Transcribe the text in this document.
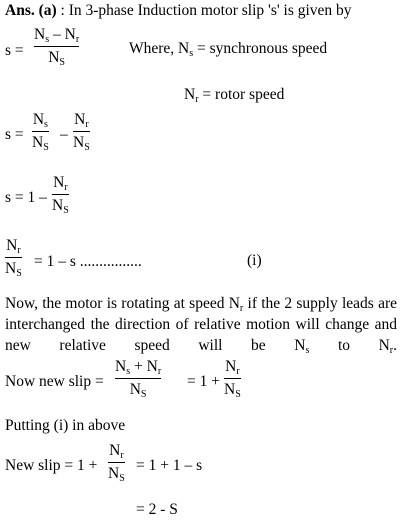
Ans. (a) : In 3-phase Induction motor slip 's' is given by
s =
$N_s - N_r$
$N_S$
Where, $N_s$ = synchronous speed
$N_r$ = rotor speed
s =
$N_s$
$N_S$
–
$N_r$
$N_S$
s = 1 –
$N_r$
$N_S$
$N_r$
$N_S$
= 1 – s ................	(i)
Now, the motor is rotating at speed $N_r$ if the 2 supply leads are interchanged the direction of relative motion will change and new relative speed will be $N_s$ to $N_r$.
Now new slip =
$N_s + N_r$
$N_S$
= 1 +
$N_r$
$N_S$
Putting (i) in above
New slip = 1 +
$N_r$
$N_S$
= 1 + 1 – s
= 2 - S
